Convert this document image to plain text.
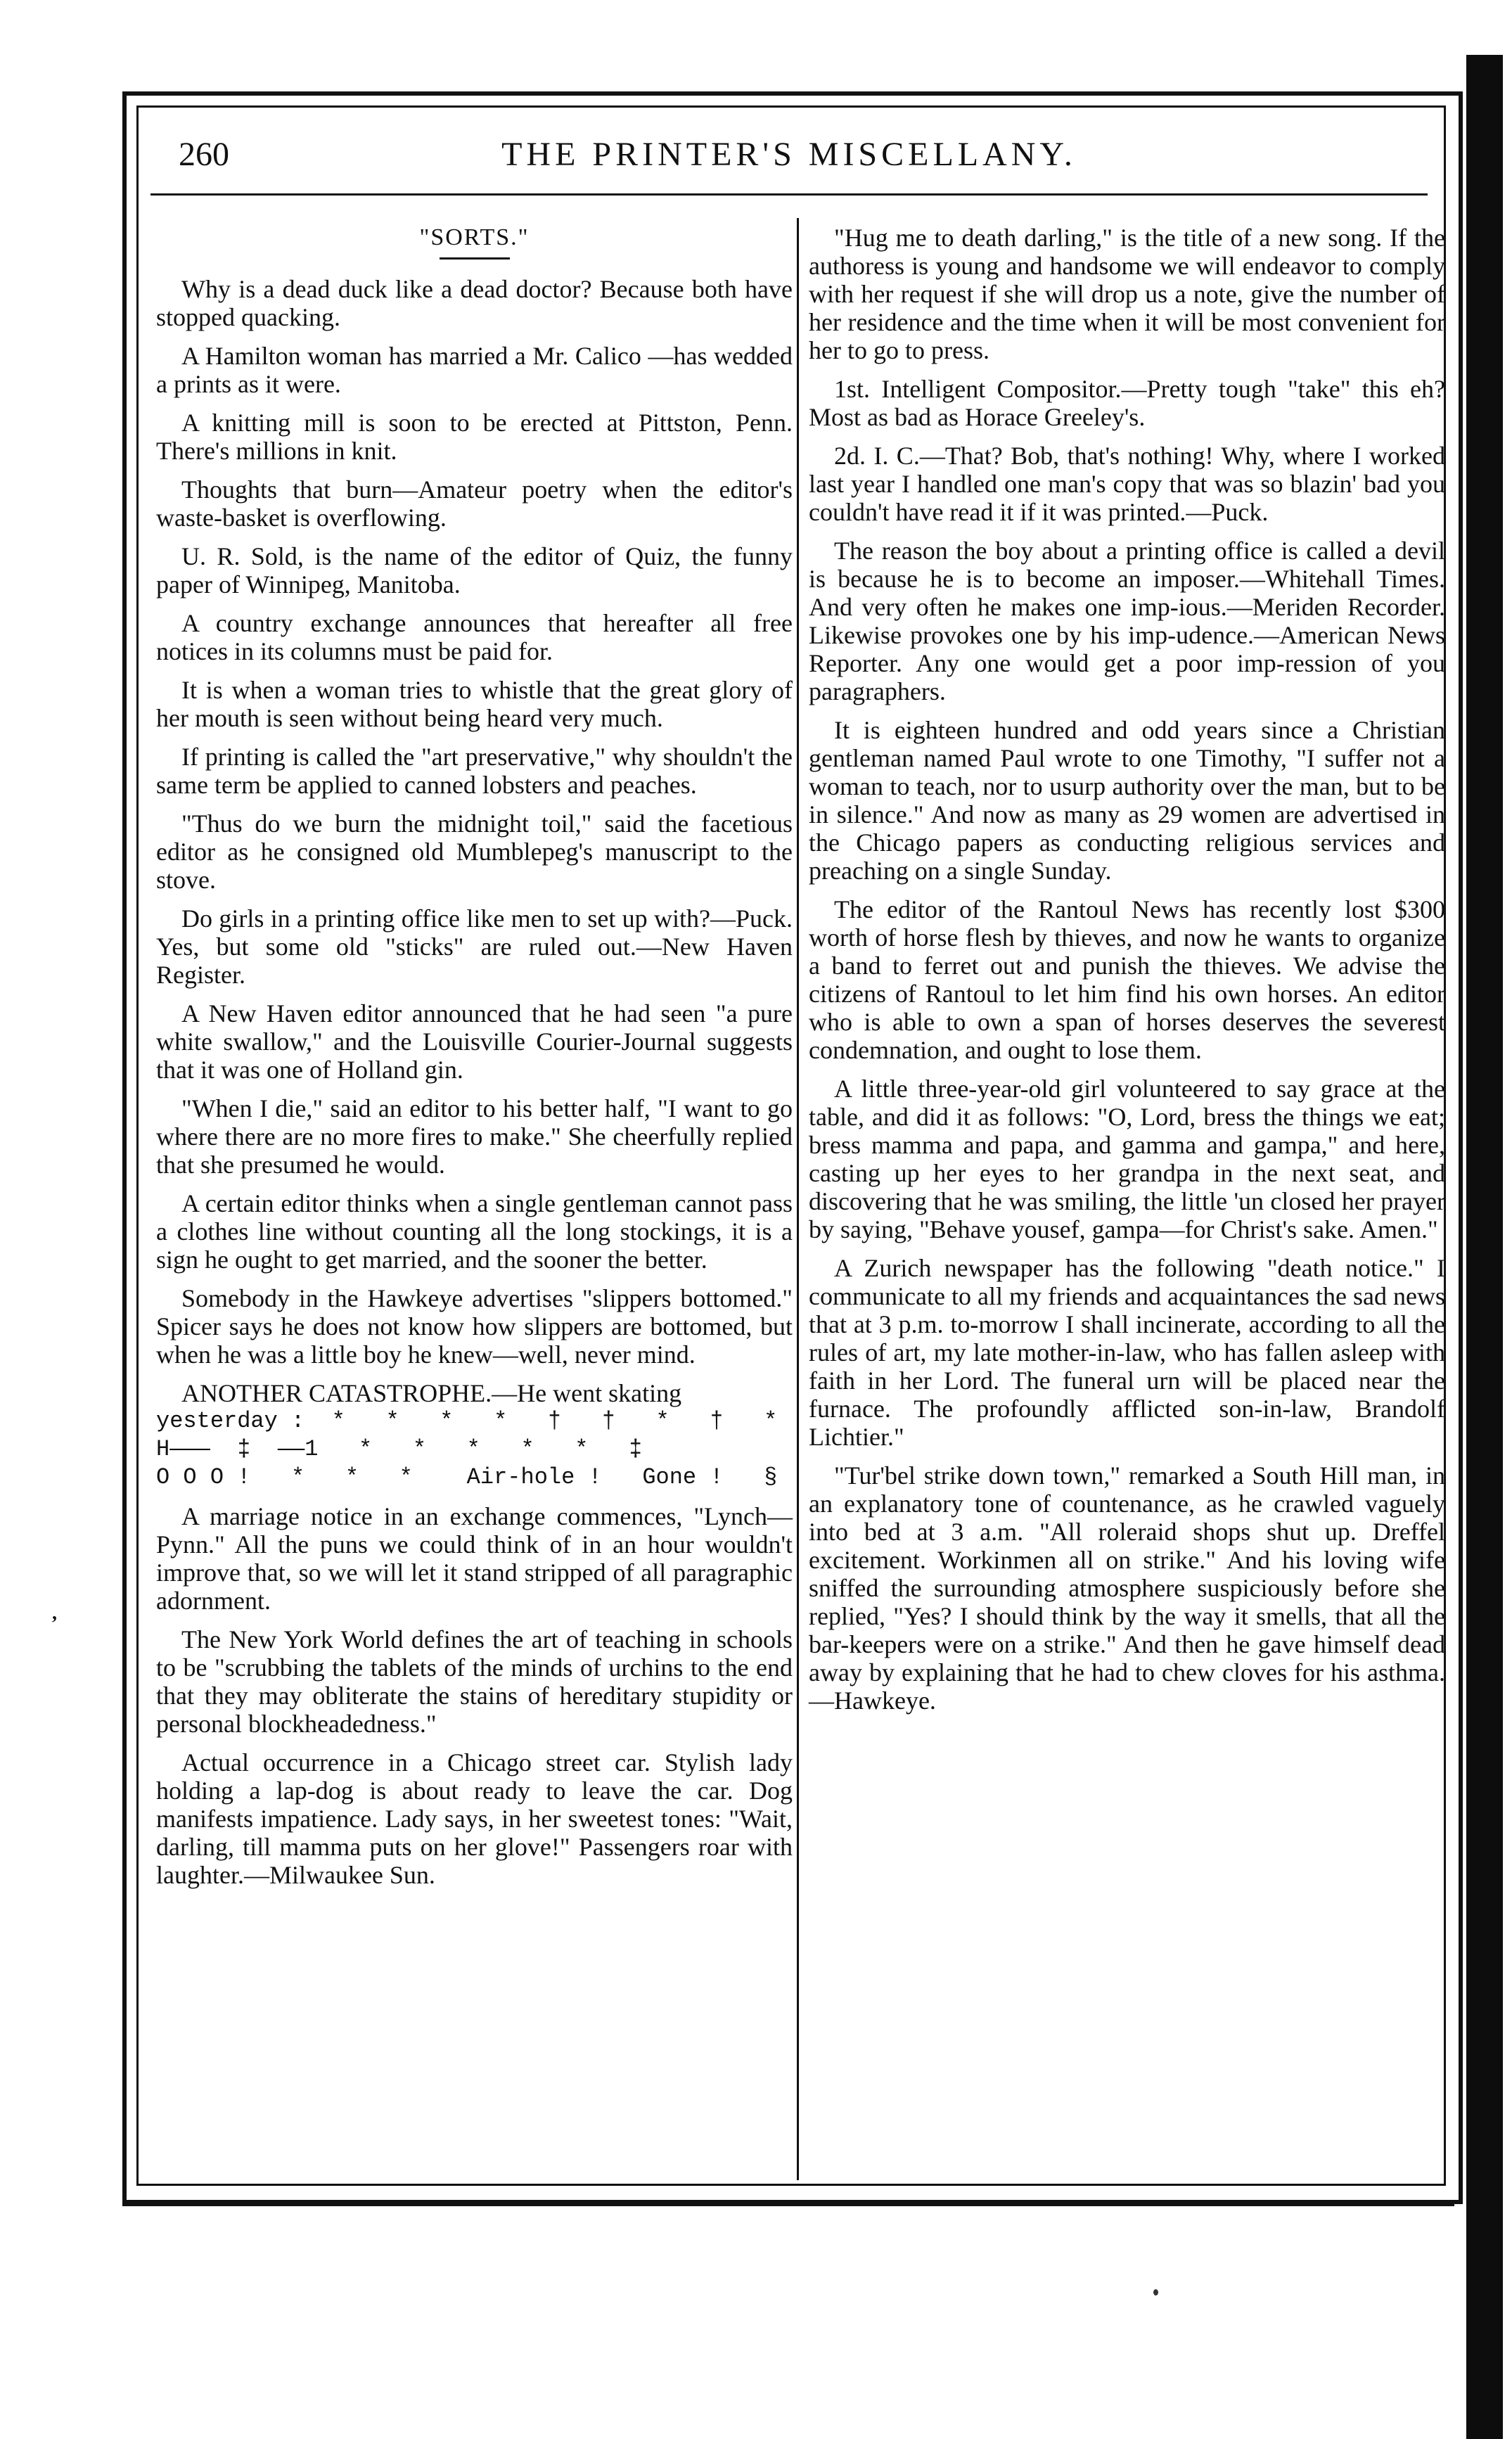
,
260	THE PRINTER'S MISCELLANY.
"SORTS."

Why is a dead duck like a dead doctor? Because both have stopped quacking.

A Hamilton woman has married a Mr. Calico —has wedded a prints as it were.

A knitting mill is soon to be erected at Pittston, Penn. There's millions in knit.

Thoughts that burn—Amateur poetry when the editor's waste-basket is overflowing.

U. R. Sold, is the name of the editor of Quiz, the funny paper of Winnipeg, Manitoba.

A country exchange announces that hereafter all free notices in its columns must be paid for.

It is when a woman tries to whistle that the great glory of her mouth is seen without being heard very much.

If printing is called the "art preservative," why shouldn't the same term be applied to canned lobsters and peaches.

"Thus do we burn the midnight toil," said the facetious editor as he consigned old Mumblepeg's manuscript to the stove.

Do girls in a printing office like men to set up with?—Puck. Yes, but some old "sticks" are ruled out.—New Haven Register.

A New Haven editor announced that he had seen "a pure white swallow," and the Louisville Courier-Journal suggests that it was one of Holland gin.

"When I die," said an editor to his better half, "I want to go where there are no more fires to make." She cheerfully replied that she presumed he would.

A certain editor thinks when a single gentleman cannot pass a clothes line without counting all the long stockings, it is a sign he ought to get married, and the sooner the better.

Somebody in the Hawkeye advertises "slippers bottomed." Spicer says he does not know how slippers are bottomed, but when he was a little boy he knew—well, never mind.

ANOTHER CATASTROPHE.—He went skating

yesterday :  *   *   *   *   †   †   *   †   *

H———  ‡  ——1   *   *   *   *   *   ‡

O O O !   *   *   *    Air-hole !   Gone !   §

A marriage notice in an exchange commences, "Lynch—Pynn." All the puns we could think of in an hour wouldn't improve that, so we will let it stand stripped of all paragraphic adornment.

The New York World defines the art of teaching in schools to be "scrubbing the tablets of the minds of urchins to the end that they may obliterate the stains of hereditary stupidity or personal blockheadedness."

Actual occurrence in a Chicago street car. Stylish lady holding a lap-dog is about ready to leave the car. Dog manifests impatience. Lady says, in her sweetest tones: "Wait, darling, till mamma puts on her glove!" Passengers roar with laughter.—Milwaukee Sun.

"Hug me to death darling," is the title of a new song. If the authoress is young and handsome we will endeavor to comply with her request if she will drop us a note, give the number of her residence and the time when it will be most convenient for her to go to press.

1st. Intelligent Compositor.—Pretty tough "take" this eh? Most as bad as Horace Greeley's.

2d. I. C.—That? Bob, that's nothing! Why, where I worked last year I handled one man's copy that was so blazin' bad you couldn't have read it if it was printed.—Puck.

The reason the boy about a printing office is called a devil is because he is to become an imposer.—Whitehall Times. And very often he makes one imp-ious.—Meriden Recorder. Likewise provokes one by his imp-udence.—American News Reporter. Any one would get a poor imp-ression of you paragraphers.

It is eighteen hundred and odd years since a Christian gentleman named Paul wrote to one Timothy, "I suffer not a woman to teach, nor to usurp authority over the man, but to be in silence." And now as many as 29 women are advertised in the Chicago papers as conducting religious services and preaching on a single Sunday.

The editor of the Rantoul News has recently lost $300 worth of horse flesh by thieves, and now he wants to organize a band to ferret out and punish the thieves. We advise the citizens of Rantoul to let him find his own horses. An editor who is able to own a span of horses deserves the severest condemnation, and ought to lose them.

A little three-year-old girl volunteered to say grace at the table, and did it as follows: "O, Lord, bress the things we eat; bress mamma and papa, and gamma and gampa," and here, casting up her eyes to her grandpa in the next seat, and discovering that he was smiling, the little 'un closed her prayer by saying, "Behave yousef, gampa—for Christ's sake. Amen."

A Zurich newspaper has the following "death notice." I communicate to all my friends and acquaintances the sad news that at 3 p.m. to-morrow I shall incinerate, according to all the rules of art, my late mother-in-law, who has fallen asleep with faith in her Lord. The funeral urn will be placed near the furnace. The profoundly afflicted son-in-law, Brandolf Lichtier."

"Tur'bel strike down town," remarked a South Hill man, in an explanatory tone of countenance, as he crawled vaguely into bed at 3 a.m. "All roleraid shops shut up. Dreffel excitement. Workinmen all on strike." And his loving wife sniffed the surrounding atmosphere suspiciously before she replied, "Yes? I should think by the way it smells, that all the bar-keepers were on a strike." And then he gave himself dead away by explaining that he had to chew cloves for his asthma.—Hawkeye.
